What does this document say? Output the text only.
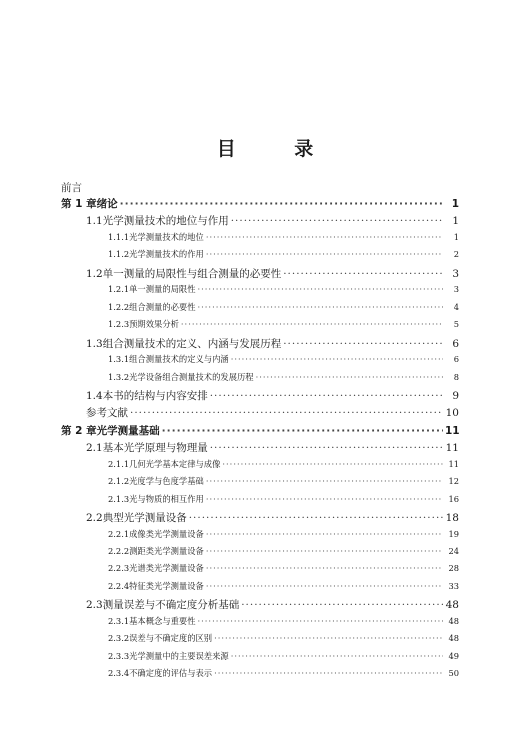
目 录
前言
第 1 章 绪论 ·····	1
1.1 光学测量技术的地位与作用 ·····	1
1.1.1 光学测量技术的地位 ·····	1
1.1.2 光学测量技术的作用 ·····	2
1.2 单一测量的局限性与组合测量的必要性 ·····	3
1.2.1 单一测量的局限性 ·····	3
1.2.2 组合测量的必要性 ·····	4
1.2.3 预期效果分析 ·····	5
1.3 组合测量技术的定义、内涵与发展历程 ·····	6
1.3.1 组合测量技术的定义与内涵 ·····	6
1.3.2 光学设备组合测量技术的发展历程 ·····	8
1.4 本书的结构与内容安排 ·····	9
参考文献 ·····	10
第 2 章 光学测量基础 ·····	11
2.1 基本光学原理与物理量 ·····	11
2.1.1 几何光学基本定律与成像 ·····	11
2.1.2 光度学与色度学基础 ·····	12
2.1.3 光与物质的相互作用 ·····	16
2.2 典型光学测量设备 ·····	18
2.2.1 成像类光学测量设备 ·····	19
2.2.2 测距类光学测量设备 ·····	24
2.2.3 光谱类光学测量设备 ·····	28
2.2.4 特征类光学测量设备 ·····	33
2.3 测量误差与不确定度分析基础 ·····	48
2.3.1 基本概念与重要性 ·····	48
2.3.2 误差与不确定度的区别 ·····	48
2.3.3 光学测量中的主要误差来源 ·····	49
2.3.4 不确定度的评估与表示 ·····	50
